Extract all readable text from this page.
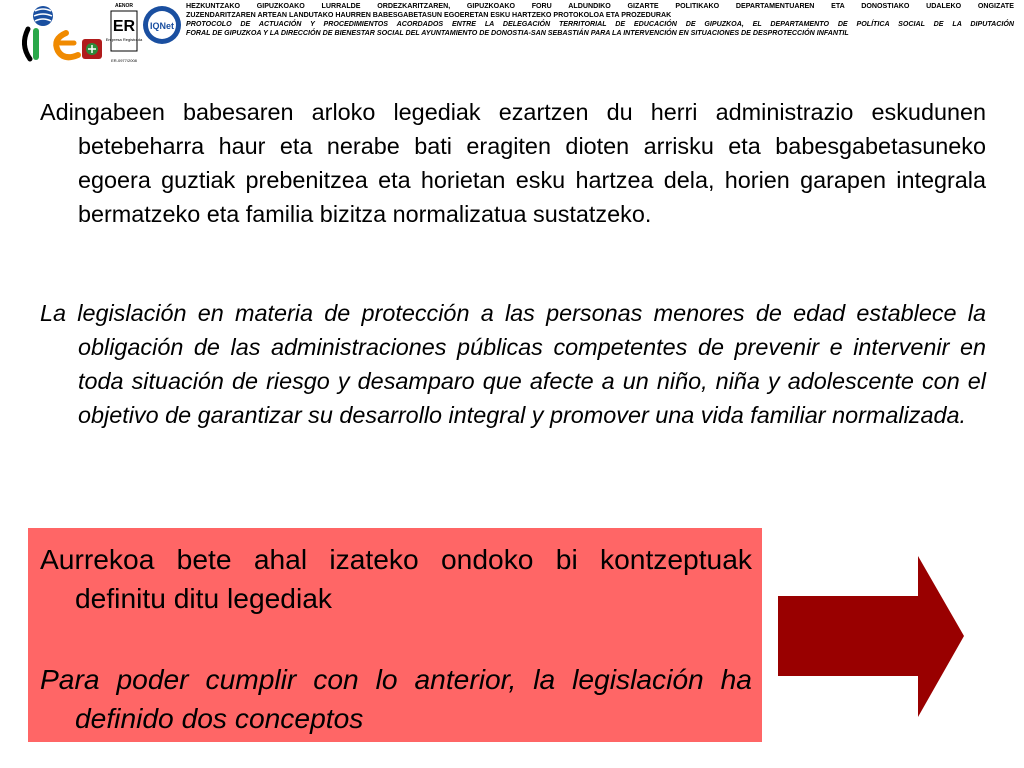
AENOR
ER
Empresa Registrada
ER-0977/2008
IQNet
HEZKUNTZAKO GIPUZKOAKO LURRALDE ORDEZKARITZAREN, GIPUZKOAKO FORU ALDUNDIKO GIZARTE POLITIKAKO DEPARTAMENTUAREN ETA DONOSTIAKO UDALEKO ONGIZATE
ZUZENDARITZAREN ARTEAN LANDUTAKO HAURREN BABESGABETASUN EGOERETAN ESKU HARTZEKO PROTOKOLOA ETA PROZEDURAK
PROTOCOLO DE ACTUACIÓN Y PROCEDIMIENTOS ACORDADOS ENTRE LA DELEGACIÓN TERRITORIAL DE EDUCACIÓN DE GIPUZKOA, EL DEPARTAMENTO DE POLÍTICA SOCIAL DE LA DIPUTACIÓN
FORAL DE GIPUZKOA Y LA DIRECCIÓN DE BIENESTAR SOCIAL DEL AYUNTAMIENTO DE DONOSTIA-SAN SEBASTIÁN PARA LA INTERVENCIÓN EN SITUACIONES DE DESPROTECCIÓN INFANTIL
Adingabeen babesaren arloko legediak ezartzen du herri administrazio eskudunen betebeharra haur eta nerabe bati eragiten dioten arrisku eta babesgabetasuneko egoera guztiak prebenitzea eta horietan esku hartzea dela, horien garapen integrala bermatzeko eta familia bizitza normalizatua sustatzeko.
La legislación en materia de protección a las personas menores de edad establece la obligación de las administraciones públicas competentes de prevenir e intervenir en toda situación de riesgo y desamparo que afecte a un niño, niña y adolescente con el objetivo de garantizar su desarrollo integral y promover una vida familiar normalizada.
Aurrekoa bete ahal izateko ondoko bi kontzeptuak definitu ditu legediak
Para poder cumplir con lo anterior, la legislación ha definido dos conceptos
